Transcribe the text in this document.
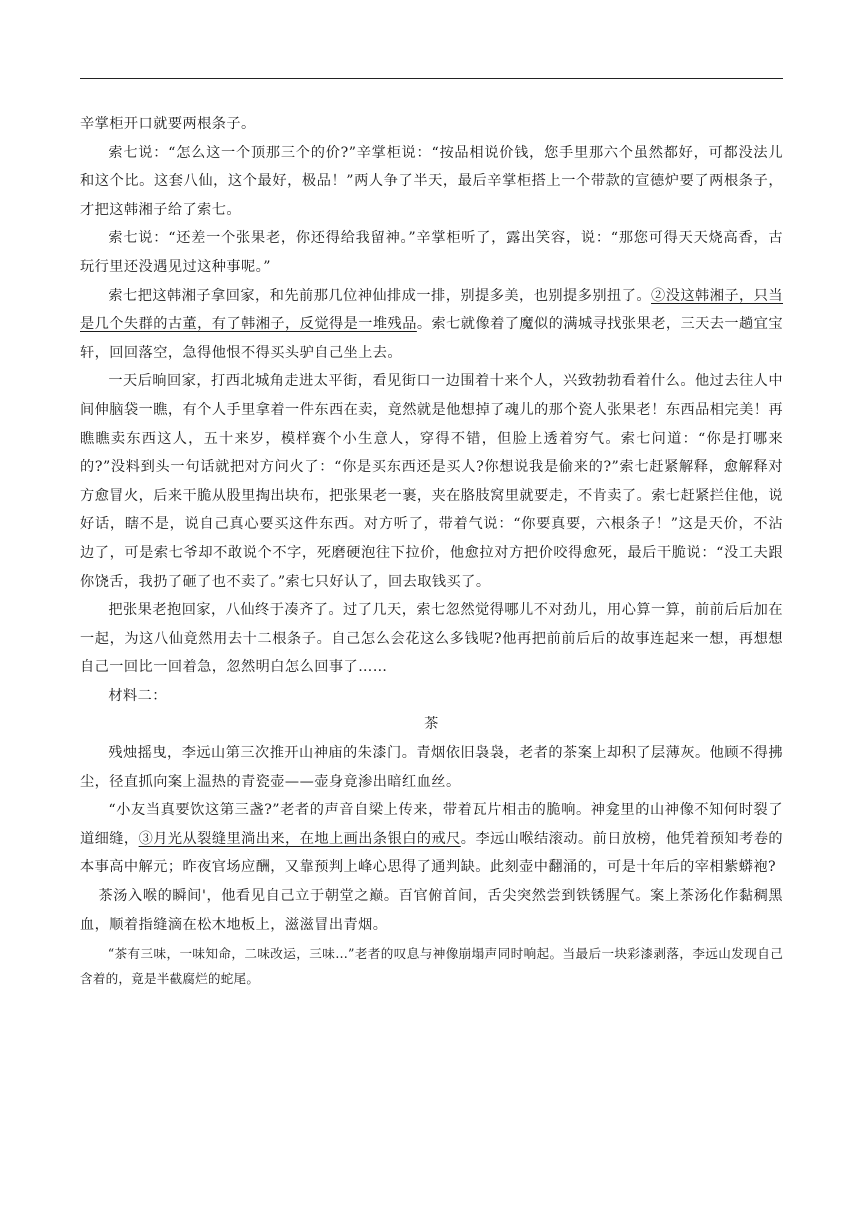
辛掌柜开口就要两根条子。

索七说：“怎么这一个顶那三个的价?”辛掌柜说：“按品相说价钱，您手里那六个虽然都好，可都没法儿和这个比。这套八仙，这个最好，极品！”两人争了半天，最后辛掌柜搭上一个带款的宣德炉要了两根条子，才把这韩湘子给了索七。

索七说：“还差一个张果老，你还得给我留神。”辛掌柜听了，露出笑容，说：“那您可得天天烧高香，古玩行里还没遇见过这种事呢。”

索七把这韩湘子拿回家，和先前那几位神仙排成一排，别提多美，也别提多别扭了。②没这韩湘子，只当是几个失群的古董，有了韩湘子，反觉得是一堆残品。索七就像着了魔似的满城寻找张果老，三天去一趟宜宝轩，回回落空，急得他恨不得买头驴自己坐上去。

一天后晌回家，打西北城角走进太平街，看见街口一边围着十来个人，兴致勃勃看着什么。他过去往人中间伸脑袋一瞧，有个人手里拿着一件东西在卖，竟然就是他想掉了魂儿的那个瓷人张果老！东西品相完美！再瞧瞧卖东西这人，五十来岁，模样赛个小生意人，穿得不错，但脸上透着穷气。索七问道：“你是打哪来的?”没料到头一句话就把对方问火了：“你是买东西还是买人?你想说我是偷来的?”索七赶紧解释，愈解释对方愈冒火，后来干脆从股里掏出块布，把张果老一裹，夹在胳肢窝里就要走，不肯卖了。索七赶紧拦住他，说好话，瞎不是，说自己真心要买这件东西。对方听了，带着气说：“你要真要，六根条子！”这是天价，不沾边了，可是索七爷却不敢说个不字，死磨硬泡往下拉价，他愈拉对方把价咬得愈死，最后干脆说：“没工夫跟你饶舌，我扔了砸了也不卖了。”索七只好认了，回去取钱买了。

把张果老抱回家，八仙终于凑齐了。过了几天，索七忽然觉得哪儿不对劲儿，用心算一算，前前后后加在一起，为这八仙竟然用去十二根条子。自己怎么会花这么多钱呢?他再把前前后后的故事连起来一想，再想想自己一回比一回着急，忽然明白怎么回事了……

材料二：

茶

残烛摇曳，李远山第三次推开山神庙的朱漆门。青烟依旧袅袅，老者的茶案上却积了层薄灰。他顾不得拂尘，径直抓向案上温热的青瓷壶——壶身竟渗出暗红血丝。

“小友当真要饮这第三盏?”老者的声音自梁上传来，带着瓦片相击的脆响。神龛里的山神像不知何时裂了道细缝，③月光从裂缝里淌出来，在地上画出条银白的戒尺。李远山喉结滚动。前日放榜，他凭着预知考卷的本事高中解元；昨夜官场应酬，又靠预判上峰心思得了通判缺。此刻壶中翻涌的，可是十年后的宰相紫蟒袍?

茶汤入喉的瞬间'，他看见自己立于朝堂之巅。百官俯首间，舌尖突然尝到铁锈腥气。案上茶汤化作黏稠黑血，顺着指缝滴在松木地板上，滋滋冒出青烟。

“茶有三味，一味知命，二味改运，三味…”老者的叹息与神像崩塌声同时响起。当最后一块彩漆剥落，李远山发现自己含着的，竟是半截腐烂的蛇尾。
